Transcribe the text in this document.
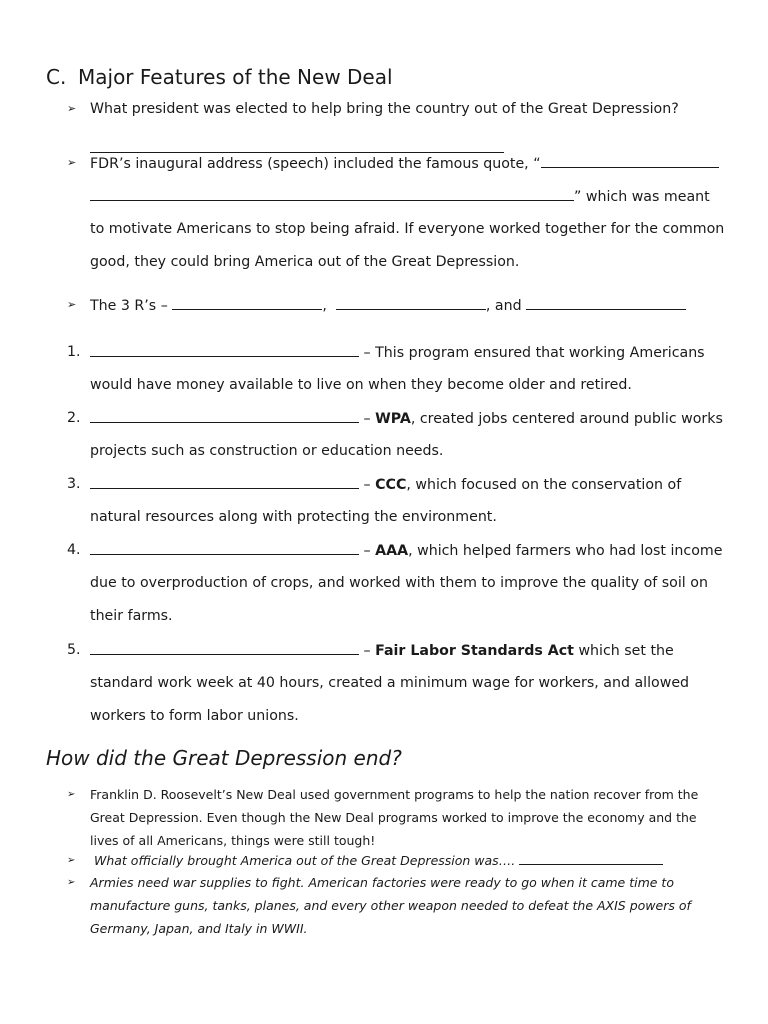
C. Major Features of the New Deal
➢ What president was elected to help bring the country out of the Great Depression?
➢ FDR’s inaugural address (speech) included the famous quote, “
” which was meant
to motivate Americans to stop being afraid. If everyone worked together for the common
good, they could bring America out of the Great Depression.
➢ The 3 R’s –	,	, and
1.	– This program ensured that working Americans
would have money available to live on when they become older and retired.
2.	– WPA, created jobs centered around public works
projects such as construction or education needs.
3.	– CCC, which focused on the conservation of
natural resources along with protecting the environment.
4.	– AAA, which helped farmers who had lost income
due to overproduction of crops, and worked with them to improve the quality of soil on
their farms.
5.	– Fair Labor Standards Act which set the
standard work week at 40 hours, created a minimum wage for workers, and allowed
workers to form labor unions.
How did the Great Depression end?
➢ Franklin D. Roosevelt’s New Deal used government programs to help the nation recover from the
Great Depression. Even though the New Deal programs worked to improve the economy and the
lives of all Americans, things were still tough!
➢	What officially brought America out of the Great Depression was….
➢ Armies need war supplies to fight. American factories were ready to go when it came time to
manufacture guns, tanks, planes, and every other weapon needed to defeat the AXIS powers of
Germany, Japan, and Italy in WWII.
